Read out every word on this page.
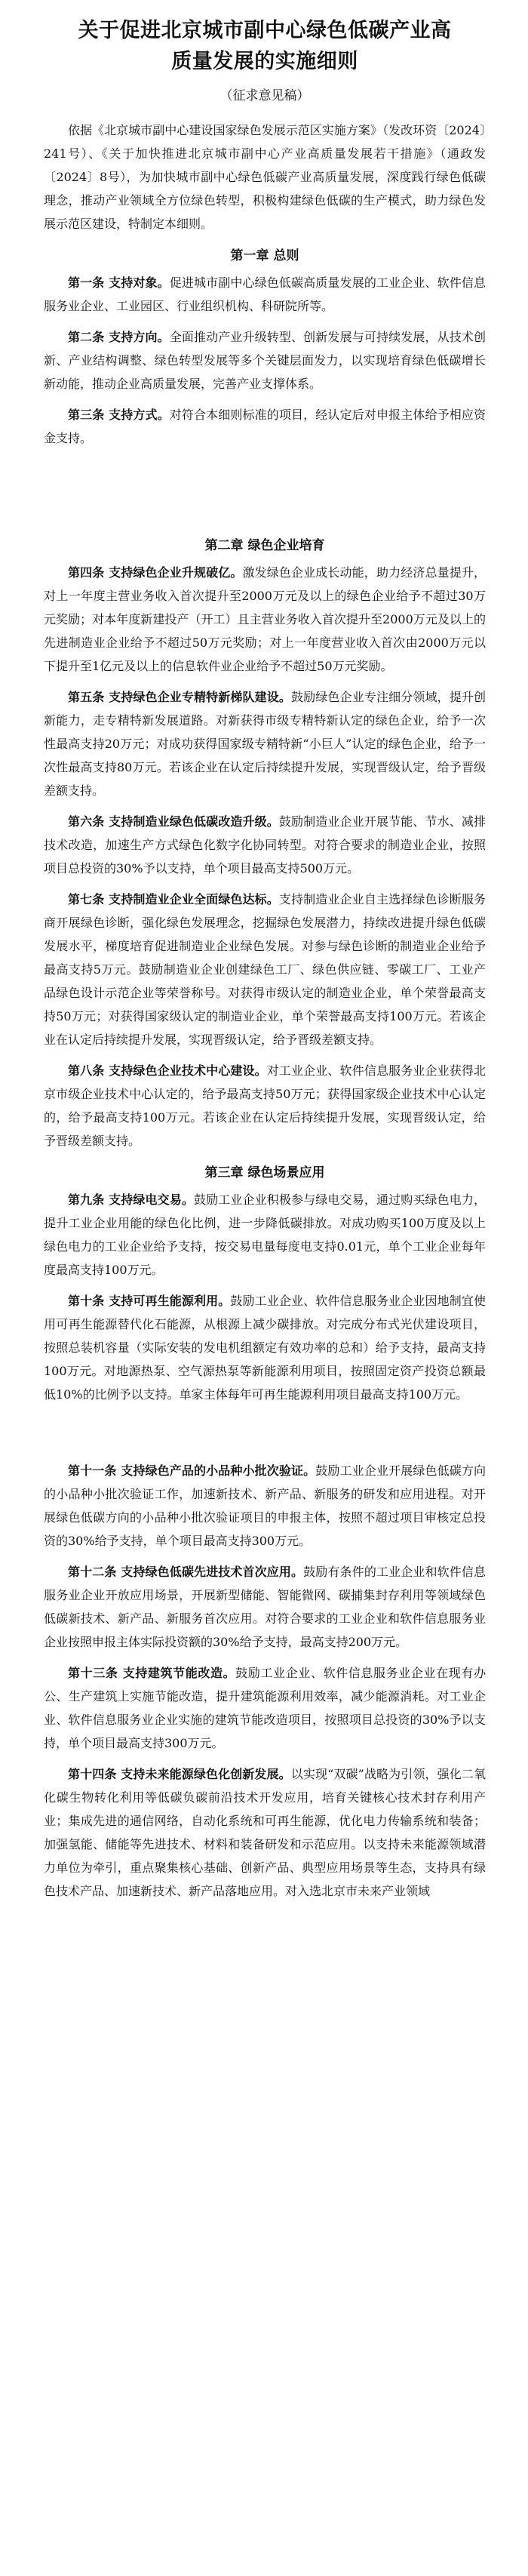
关于促进北京城市副中心绿色低碳产业高
质量发展的实施细则
（征求意见稿）

依据《北京城市副中心建设国家绿色发展示范区实施方案》（发改环资〔2024〕241号）、《关于加快推进北京城市副中心产业高质量发展若干措施》（通政发〔2024〕8号），为加快城市副中心绿色低碳产业高质量发展，深度践行绿色低碳理念，推动产业领域全方位绿色转型，积极构建绿色低碳的生产模式，助力绿色发展示范区建设，特制定本细则。

第一章 总则

第一条 支持对象。促进城市副中心绿色低碳高质量发展的工业企业、软件信息服务业企业、工业园区、行业组织机构、科研院所等。

第二条 支持方向。全面推动产业升级转型、创新发展与可持续发展，从技术创新、产业结构调整、绿色转型发展等多个关键层面发力，以实现培育绿色低碳增长新动能，推动企业高质量发展，完善产业支撑体系。

第三条 支持方式。对符合本细则标准的项目，经认定后对申报主体给予相应资金支持。

第二章 绿色企业培育

第四条 支持绿色企业升规破亿。激发绿色企业成长动能，助力经济总量提升，对上一年度主营业务收入首次提升至2000万元及以上的绿色企业给予不超过30万元奖励；对本年度新建投产（开工）且主营业务收入首次提升至2000万元及以上的先进制造业企业给予不超过50万元奖励；对上一年度营业收入首次由2000万元以下提升至1亿元及以上的信息软件业企业给予不超过50万元奖励。

第五条 支持绿色企业专精特新梯队建设。鼓励绿色企业专注细分领域，提升创新能力，走专精特新发展道路。对新获得市级专精特新认定的绿色企业，给予一次性最高支持20万元；对成功获得国家级专精特新“小巨人”认定的绿色企业，给予一次性最高支持80万元。若该企业在认定后持续提升发展，实现晋级认定，给予晋级差额支持。

第六条 支持制造业绿色低碳改造升级。鼓励制造业企业开展节能、节水、减排技术改造，加速生产方式绿色化数字化协同转型。对符合要求的制造业企业，按照项目总投资的30%予以支持，单个项目最高支持500万元。

第七条 支持制造业企业全面绿色达标。支持制造业企业自主选择绿色诊断服务商开展绿色诊断，强化绿色发展理念，挖掘绿色发展潜力，持续改进提升绿色低碳发展水平，梯度培育促进制造业企业绿色发展。对参与绿色诊断的制造业企业给予最高支持5万元。鼓励制造业企业创建绿色工厂、绿色供应链、零碳工厂、工业产品绿色设计示范企业等荣誉称号。对获得市级认定的制造业企业，单个荣誉最高支持50万元；对获得国家级认定的制造业企业，单个荣誉最高支持100万元。若该企业在认定后持续提升发展，实现晋级认定，给予晋级差额支持。

第八条 支持绿色企业技术中心建设。对工业企业、软件信息服务业企业获得北京市级企业技术中心认定的，给予最高支持50万元；获得国家级企业技术中心认定的，给予最高支持100万元。若该企业在认定后持续提升发展，实现晋级认定，给予晋级差额支持。

第三章 绿色场景应用

第九条 支持绿电交易。鼓励工业企业积极参与绿电交易，通过购买绿色电力，提升工业企业用能的绿色化比例，进一步降低碳排放。对成功购买100万度及以上绿色电力的工业企业给予支持，按交易电量每度电支持0.01元，单个工业企业每年度最高支持100万元。

第十条 支持可再生能源利用。鼓励工业企业、软件信息服务业企业因地制宜使用可再生能源替代化石能源，从根源上减少碳排放。对完成分布式光伏建设项目，按照总装机容量（实际安装的发电机组额定有效功率的总和）给予支持，最高支持100万元。对地源热泵、空气源热泵等新能源利用项目，按照固定资产投资总额最低10%的比例予以支持。单家主体每年可再生能源利用项目最高支持100万元。

第十一条 支持绿色产品的小品种小批次验证。鼓励工业企业开展绿色低碳方向的小品种小批次验证工作，加速新技术、新产品、新服务的研发和应用进程。对开展绿色低碳方向的小品种小批次验证项目的申报主体，按照不超过项目审核定总投资的30%给予支持，单个项目最高支持300万元。

第十二条 支持绿色低碳先进技术首次应用。鼓励有条件的工业企业和软件信息服务业企业开放应用场景，开展新型储能、智能微网、碳捕集封存利用等领域绿色低碳新技术、新产品、新服务首次应用。对符合要求的工业企业和软件信息服务业企业按照申报主体实际投资额的30%给予支持，最高支持200万元。

第十三条 支持建筑节能改造。鼓励工业企业、软件信息服务业企业在现有办公、生产建筑上实施节能改造，提升建筑能源利用效率，减少能源消耗。对工业企业、软件信息服务业企业实施的建筑节能改造项目，按照项目总投资的30%予以支持，单个项目最高支持300万元。

第十四条 支持未来能源绿色化创新发展。以实现“双碳”战略为引领，强化二氧化碳生物转化利用等低碳负碳前沿技术开发应用，培育关键核心技术封存利用产业；集成先进的通信网络，自动化系统和可再生能源，优化电力传输系统和装备；加强氢能、储能等先进技术、材料和装备研发和示范应用。以支持未来能源领域潜力单位为牵引，重点聚集核心基础、创新产品、典型应用场景等生态，支持具有绿色技术产品、加速新技术、新产品落地应用。对入选北京市未来产业领域
